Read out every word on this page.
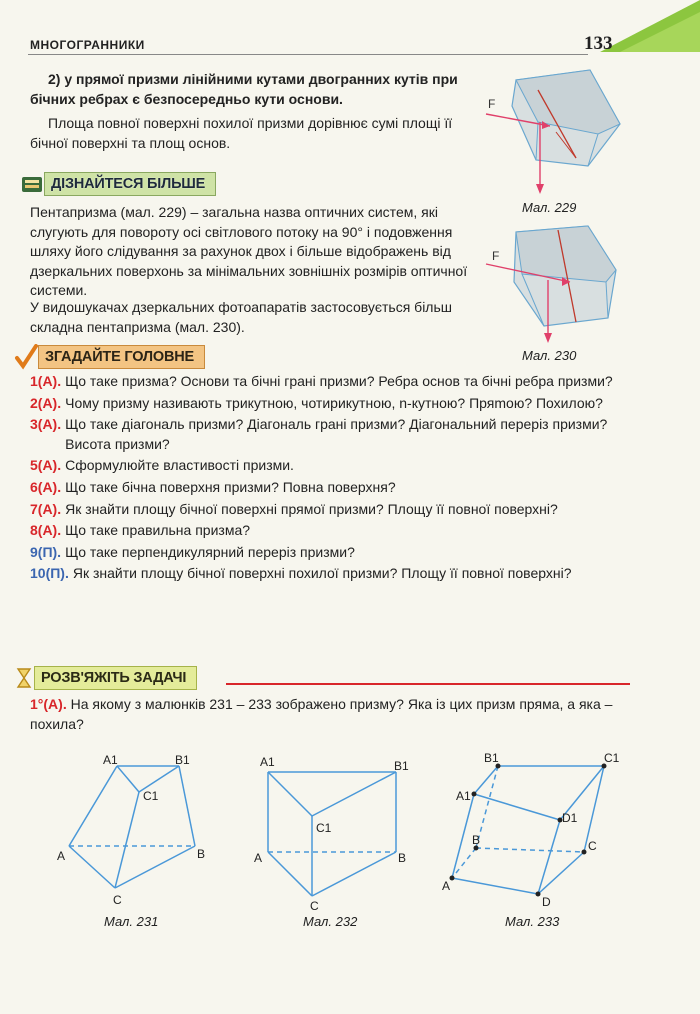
МНОГОГРАННИКИ	133
2) у прямої призми лінійними кутами двогранних кутів при бічних ребрах є безпосередньо кути основи.
Площа повної поверхні похилої призми дорівнює сумі площі її бічної поверхні та площ основ.
F
Мал. 229
ДІЗНАЙТЕСЯ БІЛЬШЕ
Пентапризма (мал. 229) – загальна назва оптичних систем, які слугують для повороту осі світлового потоку на 90° і подовження шляху його слідування за рахунок двох і більше відображень від дзеркальних поверхонь за мінімальних зовнішніх розмірів оптичної системи.
У видошукачах дзеркальних фотоапаратів застосовується більш складна пентапризма (мал. 230).
F
Мал. 230
ЗГАДАЙТЕ ГОЛОВНЕ
1(А). Що таке призма? Основи та бічні грані призми? Ребра основ та бічні ребра призми?
2(А). Чому призму називають трикутною, чотирикутною, n-кутною? Пряmою? Похилою?
3(А). Що таке діагональ призми? Діагональ грані призми? Діагональний переріз призми? Висота призми?
5(А). Сформулюйте властивості призми.
6(А). Що таке бічна поверхня призми? Повна поверхня?
7(А). Як знайти площу бічної поверхні прямої призми? Площу її повної поверхні?
8(А). Що таке правильна призма?
9(П). Що таке перпендикулярний переріз призми?
10(П). Як знайти площу бічної поверхні похилої призми? Площу її повної поверхні?
РОЗВ'ЯЖІТЬ ЗАДАЧІ
1°(А). На якому з малюнків 231 – 233 зображено призму? Яка із цих призм пряма, а яка – похила?
A1	B1
C1
A	B
C
Мал. 231
A1	B1
C1
A	B
C
Мал. 232
B1	C1
A1
D1
B	C
A
D
Мал. 233
